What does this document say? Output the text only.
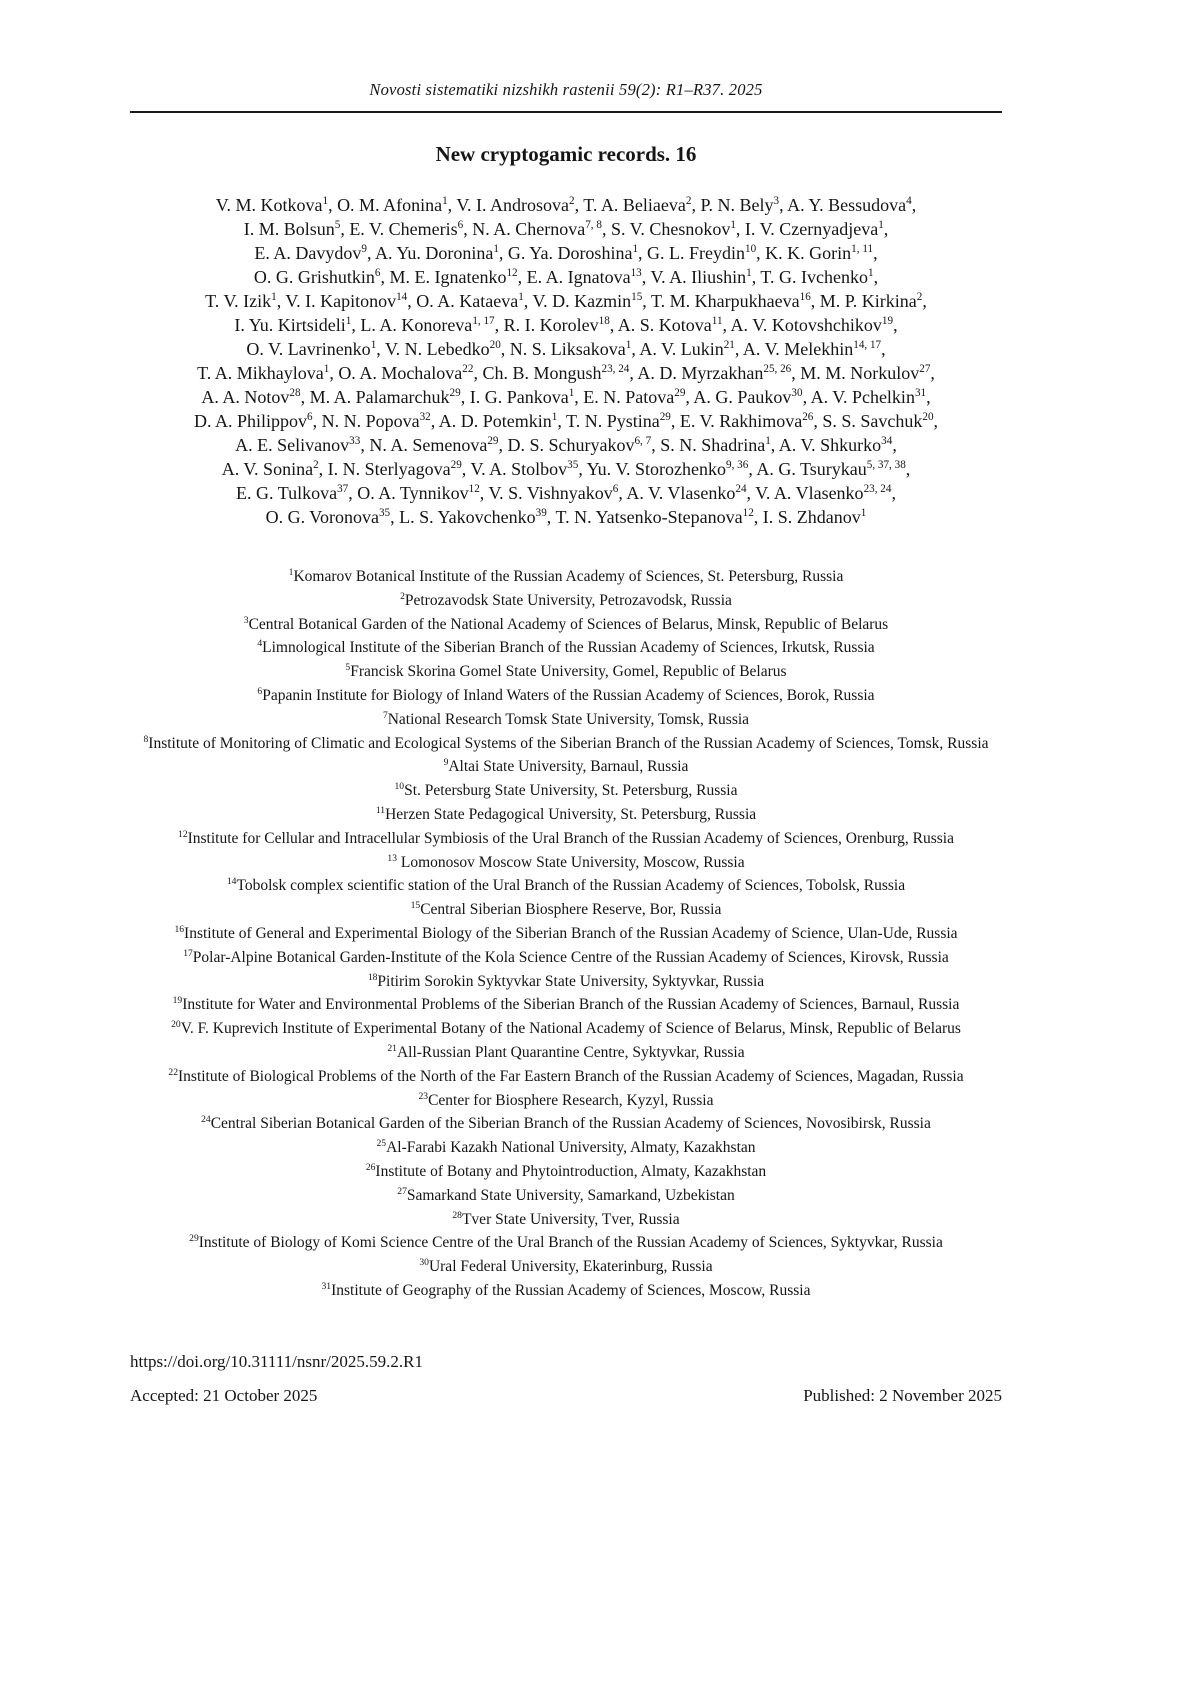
Novosti sistematiki nizshikh rastenii 59(2): R1–R37. 2025
New cryptogamic records. 16
V. M. Kotkova$^1$, O. M. Afonina$^1$, V. I. Androsova$^2$, T. A. Beliaeva$^2$, P. N. Bely$^3$, A. Y. Bessudova$^4$,
I. M. Bolsun$^5$, E. V. Chemeris$^6$, N. A. Chernova$^{7, 8}$, S. V. Chesnokov$^1$, I. V. Czernyadjeva$^1$,
E. A. Davydov$^9$, A. Yu. Doronina$^1$, G. Ya. Doroshina$^1$, G. L. Freydin$^{10}$, K. K. Gorin$^{1, 11}$,
O. G. Grishutkin$^6$, M. E. Ignatenko$^{12}$, E. A. Ignatova$^{13}$, V. A. Iliushin$^1$, T. G. Ivchenko$^1$,
T. V. Izik$^1$, V. I. Kapitonov$^{14}$, O. A. Kataeva$^1$, V. D. Kazmin$^{15}$, T. M. Kharpukhaeva$^{16}$, M. P. Kirkina$^2$,
I. Yu. Kirtsideli$^1$, L. A. Konoreva$^{1, 17}$, R. I. Korolev$^{18}$, A. S. Kotova$^{11}$, A. V. Kotovshchikov$^{19}$,
O. V. Lavrinenko$^1$, V. N. Lebedko$^{20}$, N. S. Liksakova$^1$, A. V. Lukin$^{21}$, A. V. Melekhin$^{14, 17}$,
T. A. Mikhaylova$^1$, O. A. Mochalova$^{22}$, Ch. B. Mongush$^{23, 24}$, A. D. Myrzakhan$^{25, 26}$, M. M. Norkulov$^{27}$,
A. A. Notov$^{28}$, M. A. Palamarchuk$^{29}$, I. G. Pankova$^1$, E. N. Patova$^{29}$, A. G. Paukov$^{30}$, A. V. Pchelkin$^{31}$,
D. A. Philippov$^6$, N. N. Popova$^{32}$, A. D. Potemkin$^1$, T. N. Pystina$^{29}$, E. V. Rakhimova$^{26}$, S. S. Savchuk$^{20}$,
A. E. Selivanov$^{33}$, N. A. Semenova$^{29}$, D. S. Schuryakov$^{6, 7}$, S. N. Shadrina$^1$, A. V. Shkurko$^{34}$,
A. V. Sonina$^2$, I. N. Sterlyagova$^{29}$, V. A. Stolbov$^{35}$, Yu. V. Storozhenko$^{9, 36}$, A. G. Tsurykau$^{5, 37, 38}$,
E. G. Tulkova$^{37}$, O. A. Tynnikov$^{12}$, V. S. Vishnyakov$^6$, A. V. Vlasenko$^{24}$, V. A. Vlasenko$^{23, 24}$,
O. G. Voronova$^{35}$, L. S. Yakovchenko$^{39}$, T. N. Yatsenko-Stepanova$^{12}$, I. S. Zhdanov$^1$
$^1$Komarov Botanical Institute of the Russian Academy of Sciences, St. Petersburg, Russia
$^2$Petrozavodsk State University, Petrozavodsk, Russia
$^3$Central Botanical Garden of the National Academy of Sciences of Belarus, Minsk, Republic of Belarus
$^4$Limnological Institute of the Siberian Branch of the Russian Academy of Sciences, Irkutsk, Russia
$^5$Francisk Skorina Gomel State University, Gomel, Republic of Belarus
$^6$Papanin Institute for Biology of Inland Waters of the Russian Academy of Sciences, Borok, Russia
$^7$National Research Tomsk State University, Tomsk, Russia
$^8$Institute of Monitoring of Climatic and Ecological Systems of the Siberian Branch of the Russian Academy of Sciences, Tomsk, Russia
$^9$Altai State University, Barnaul, Russia
$^{10}$St. Petersburg State University, St. Petersburg, Russia
$^{11}$Herzen State Pedagogical University, St. Petersburg, Russia
$^{12}$Institute for Cellular and Intracellular Symbiosis of the Ural Branch of the Russian Academy of Sciences, Orenburg, Russia
$^{13}$ Lomonosov Moscow State University, Moscow, Russia
$^{14}$Tobolsk complex scientific station of the Ural Branch of the Russian Academy of Sciences, Tobolsk, Russia
$^{15}$Central Siberian Biosphere Reserve, Bor, Russia
$^{16}$Institute of General and Experimental Biology of the Siberian Branch of the Russian Academy of Science, Ulan-Ude, Russia
$^{17}$Polar-Alpine Botanical Garden-Institute of the Kola Science Centre of the Russian Academy of Sciences, Kirovsk, Russia
$^{18}$Pitirim Sorokin Syktyvkar State University, Syktyvkar, Russia
$^{19}$Institute for Water and Environmental Problems of the Siberian Branch of the Russian Academy of Sciences, Barnaul, Russia
$^{20}$V. F. Kuprevich Institute of Experimental Botany of the National Academy of Science of Belarus, Minsk, Republic of Belarus
$^{21}$All-Russian Plant Quarantine Centre, Syktyvkar, Russia
$^{22}$Institute of Biological Problems of the North of the Far Eastern Branch of the Russian Academy of Sciences, Magadan, Russia
$^{23}$Center for Biosphere Research, Kyzyl, Russia
$^{24}$Central Siberian Botanical Garden of the Siberian Branch of the Russian Academy of Sciences, Novosibirsk, Russia
$^{25}$Al-Farabi Kazakh National University, Almaty, Kazakhstan
$^{26}$Institute of Botany and Phytointroduction, Almaty, Kazakhstan
$^{27}$Samarkand State University, Samarkand, Uzbekistan
$^{28}$Tver State University, Tver, Russia
$^{29}$Institute of Biology of Komi Science Centre of the Ural Branch of the Russian Academy of Sciences, Syktyvkar, Russia
$^{30}$Ural Federal University, Ekaterinburg, Russia
$^{31}$Institute of Geography of the Russian Academy of Sciences, Moscow, Russia
https://doi.org/10.31111/nsnr/2025.59.2.R1
Accepted: 21 October 2025	Published: 2 November 2025
